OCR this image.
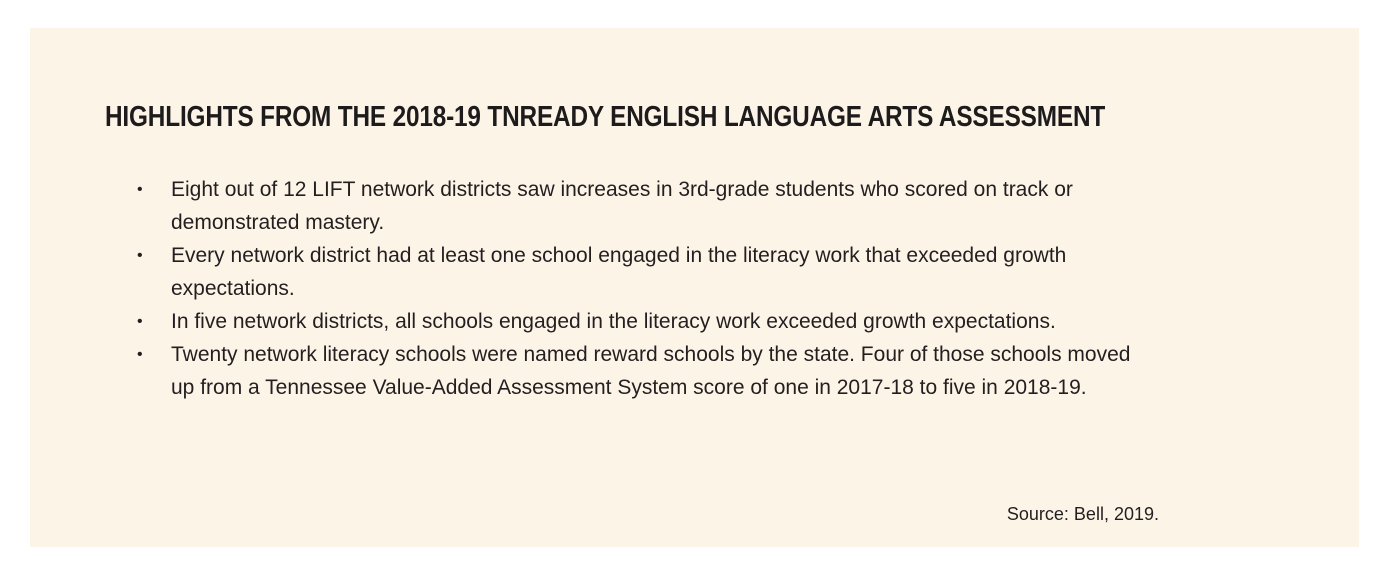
HIGHLIGHTS FROM THE 2018-19 TNREADY ENGLISH LANGUAGE ARTS ASSESSMENT
• Eight out of 12 LIFT network districts saw increases in 3rd-grade students who scored on track or demonstrated mastery.
• Every network district had at least one school engaged in the literacy work that exceeded growth expectations.
• In five network districts, all schools engaged in the literacy work exceeded growth expectations.
• Twenty network literacy schools were named reward schools by the state. Four of those schools moved up from a Tennessee Value-Added Assessment System score of one in 2017-18 to five in 2018-19.
Source: Bell, 2019.
